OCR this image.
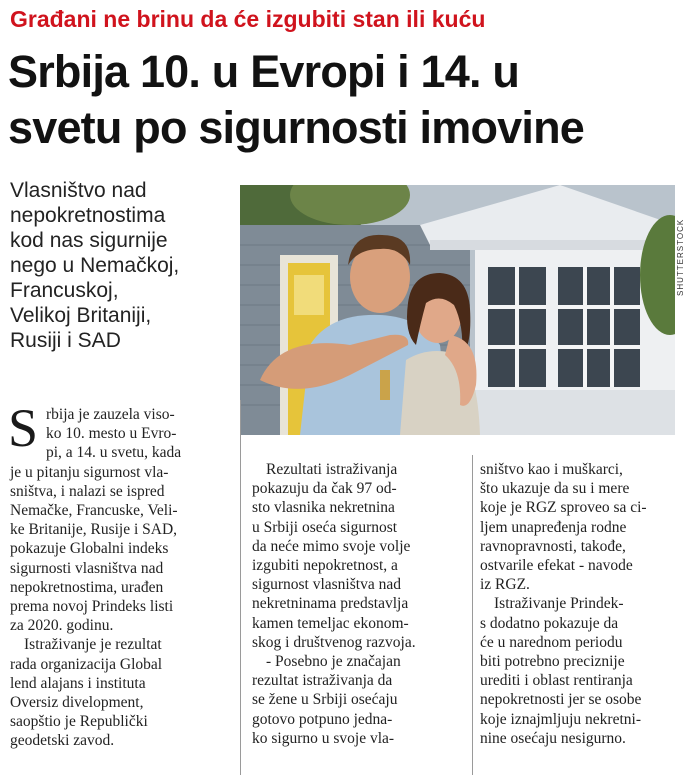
Građani ne brinu da će izgubiti stan ili kuću
Srbija 10. u Evropi i 14. u
svetu po sigurnosti imovine
Vlasništvo nad
nepokretnostima
kod nas sigurnije
nego u Nemačkoj,
Francuskoj,
Velikoj Britaniji,
Rusiji i SAD
SHUTTERSTOCK
S rbija je zauzela viso-
ko 10. mesto u Evro-
pi, a 14. u svetu, kada
je u pitanju sigurnost vla-
sništva, i nalazi se ispred
Nemačke, Francuske, Veli-
ke Britanije, Rusije i SAD,
pokazuje Globalni indeks
sigurnosti vlasništva nad
nepokretnostima, urađen
prema novoj Prindeks listi
za 2020. godinu.
Istraživanje je rezultat
rada organizacija Global
lend alajans i instituta
Oversiz divelopment,
saopštio je Republički
geodetski zavod.
Rezultati istraživanja
pokazuju da čak 97 od-
sto vlasnika nekretnina
u Srbiji oseća sigurnost
da neće mimo svoje volje
izgubiti nepokretnost, a
sigurnost vlasništva nad
nekretninama predstavlja
kamen temeljac ekonom-
skog i društvenog razvoja.
- Posebno je značajan
rezultat istraživanja da
se žene u Srbiji osećaju
gotovo potpuno jedna-
ko sigurno u svoje vla-
sništvo kao i muškarci,
što ukazuje da su i mere
koje je RGZ sproveo sa ci-
ljem unapređenja rodne
ravnopravnosti, takođe,
ostvarile efekat - navode
iz RGZ.
Istraživanje Prindek-
s dodatno pokazuje da
će u narednom periodu
biti potrebno preciznije
urediti i oblast rentiranja
nepokretnosti jer se osobe
koje iznajmljuju nekretni-
nine osećaju nesigurno.
